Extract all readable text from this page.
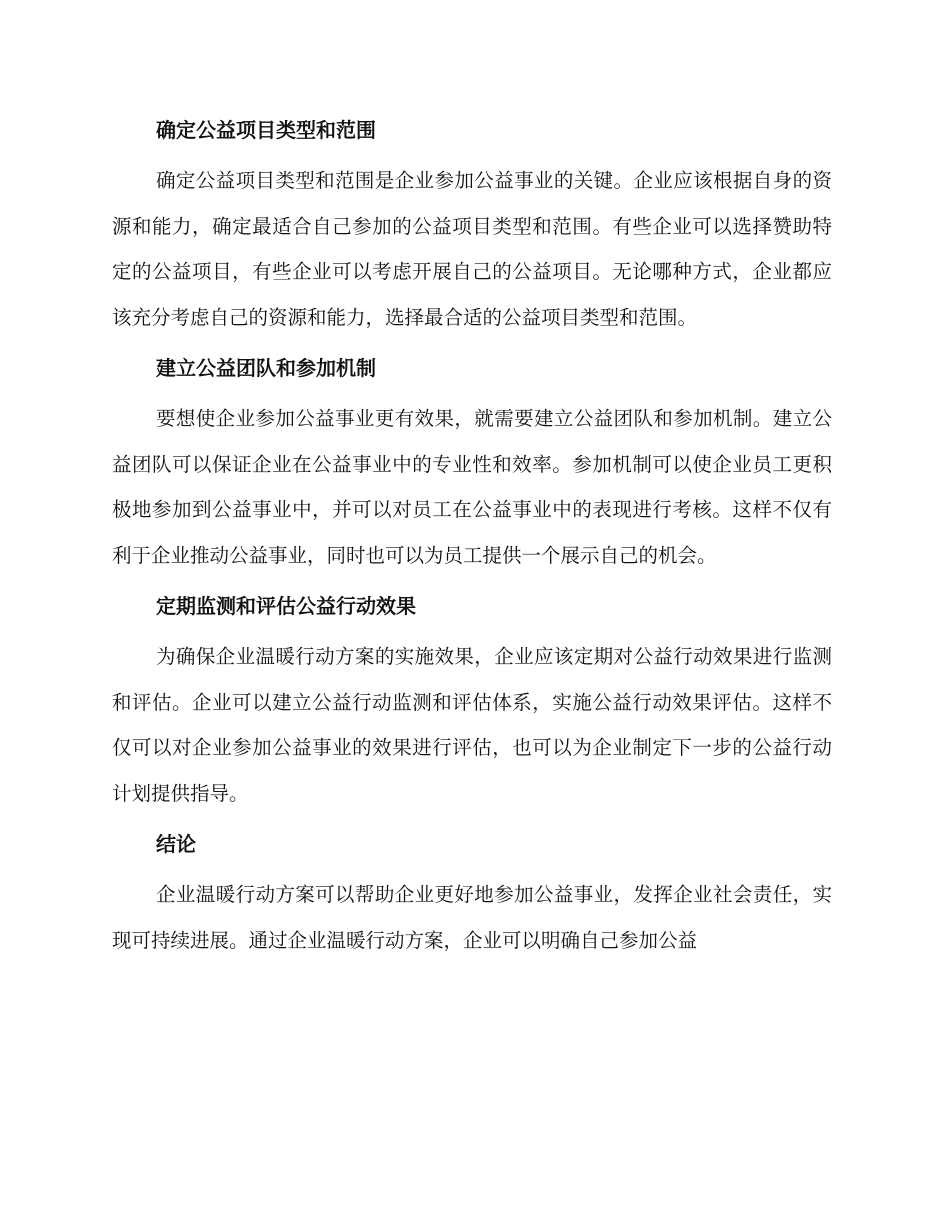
确定公益项目类型和范围

确定公益项目类型和范围是企业参加公益事业的关键。企业应该根据自身的资源和能力，确定最适合自己参加的公益项目类型和范围。有些企业可以选择赞助特定的公益项目，有些企业可以考虑开展自己的公益项目。无论哪种方式，企业都应该充分考虑自己的资源和能力，选择最合适的公益项目类型和范围。

建立公益团队和参加机制

要想使企业参加公益事业更有效果，就需要建立公益团队和参加机制。建立公益团队可以保证企业在公益事业中的专业性和效率。参加机制可以使企业员工更积极地参加到公益事业中，并可以对员工在公益事业中的表现进行考核。这样不仅有利于企业推动公益事业，同时也可以为员工提供一个展示自己的机会。

定期监测和评估公益行动效果

为确保企业温暖行动方案的实施效果，企业应该定期对公益行动效果进行监测和评估。企业可以建立公益行动监测和评估体系，实施公益行动效果评估。这样不仅可以对企业参加公益事业的效果进行评估，也可以为企业制定下一步的公益行动计划提供指导。

结论

企业温暖行动方案可以帮助企业更好地参加公益事业，发挥企业社会责任，实现可持续进展。通过企业温暖行动方案，企业可以明确自己参加公益
